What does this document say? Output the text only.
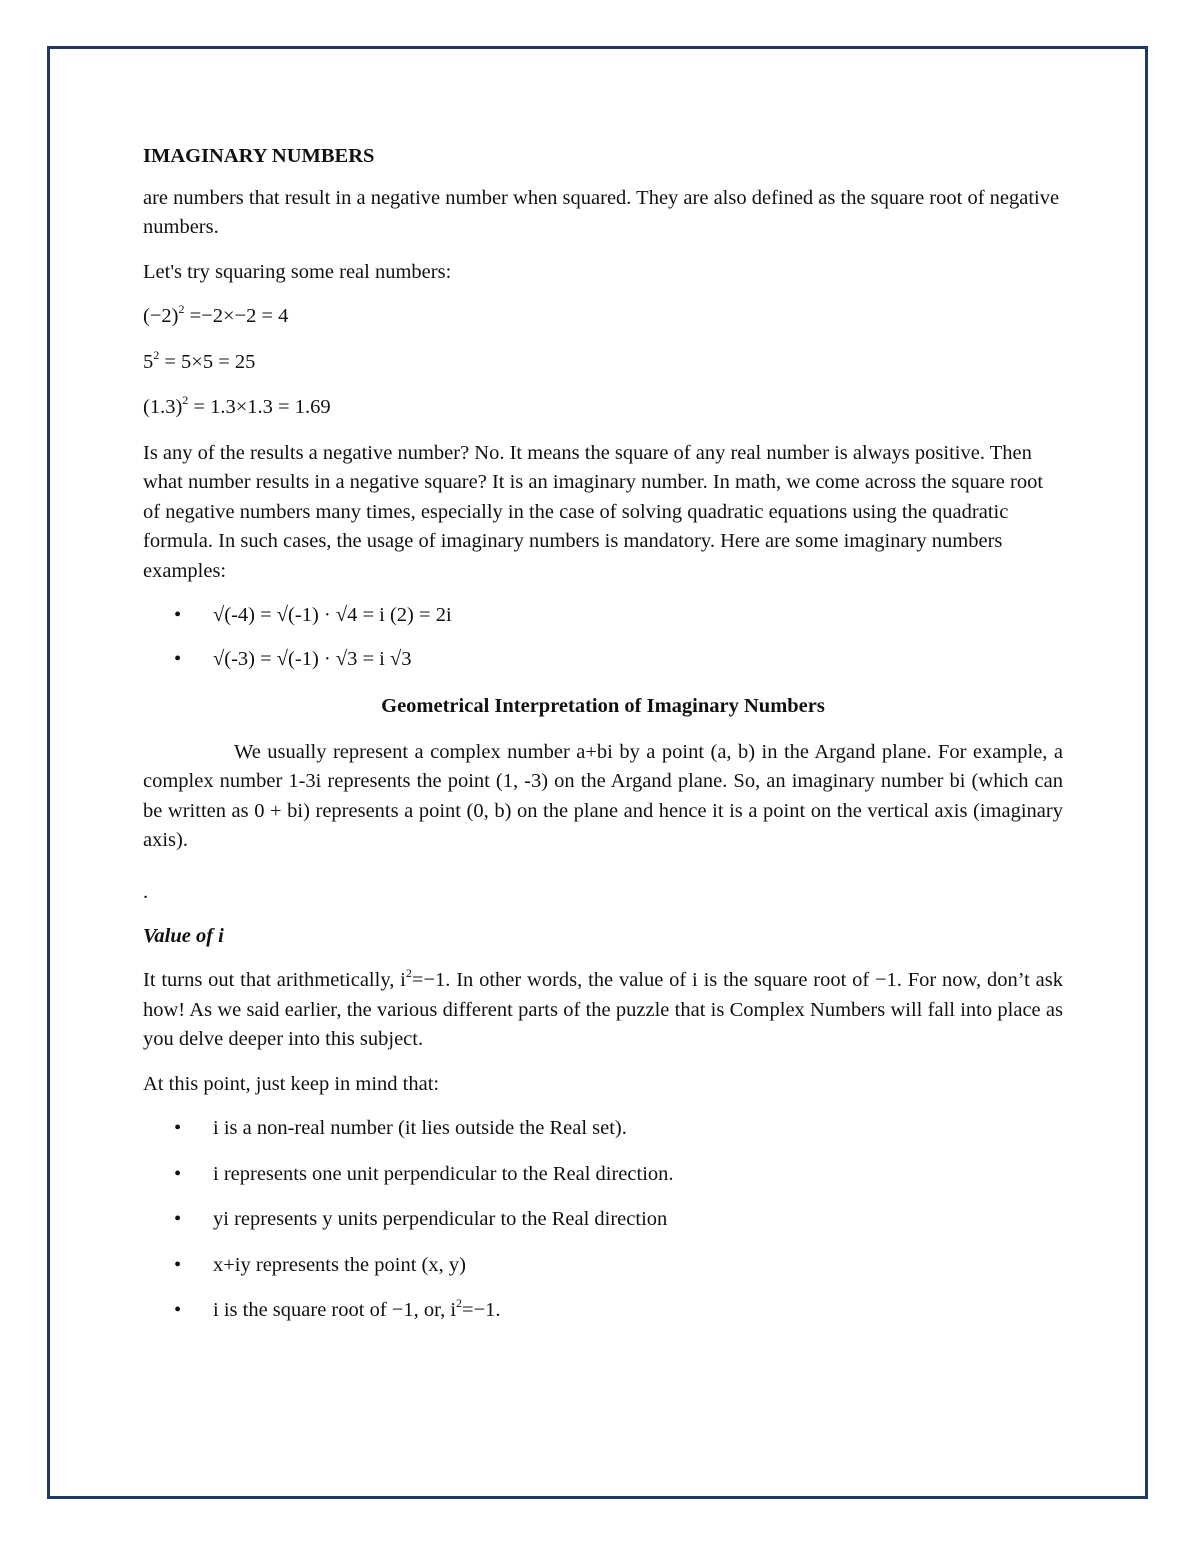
IMAGINARY NUMBERS

are numbers that result in a negative number when squared. They are also defined as the square root of negative numbers.

Let's try squaring some real numbers:

$(-2)^2 =-2\times-2 = 4$

$5^2 = 5\times 5 = 25$

$(1.3)^2 = 1.3\times 1.3 = 1.69$

Is any of the results a negative number? No. It means the square of any real number is always positive. Then what number results in a negative square? It is an imaginary number. In math, we come across the square root of negative numbers many times, especially in the case of solving quadratic equations using the quadratic formula. In such cases, the usage of imaginary numbers is mandatory. Here are some imaginary numbers examples:

• √(-4) = √(-1) · √4 = i (2) = 2i
• √(-3) = √(-1) · √3 = i √3

Geometrical Interpretation of Imaginary Numbers

We usually represent a complex number a+bi by a point (a, b) in the Argand plane. For example, a complex number 1-3i represents the point (1, -3) on the Argand plane. So, an imaginary number bi (which can be written as 0 + bi) represents a point (0, b) on the plane and hence it is a point on the vertical axis (imaginary axis).

.

Value of i

It turns out that arithmetically, $i^2=-1$. In other words, the value of i is the square root of −1. For now, don’t ask how! As we said earlier, the various different parts of the puzzle that is Complex Numbers will fall into place as you delve deeper into this subject.

At this point, just keep in mind that:

• i is a non-real number (it lies outside the Real set).
• i represents one unit perpendicular to the Real direction.
• yi represents y units perpendicular to the Real direction
• x+iy represents the point (x, y)
• i is the square root of −1, or, $i^2=-1$.
